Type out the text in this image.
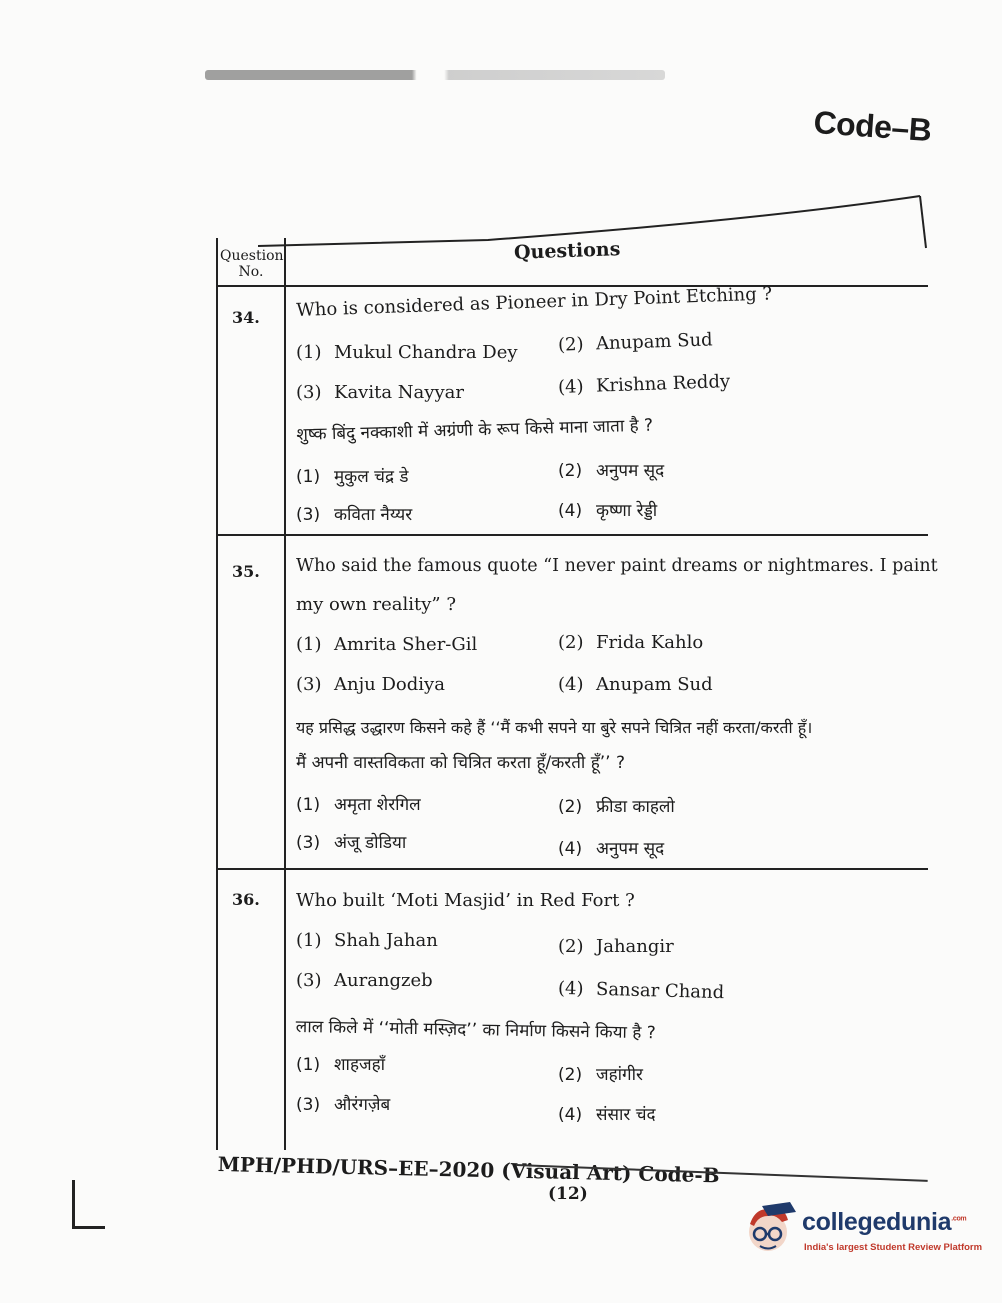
Code–B
Question
No.
Questions
34. Who is considered as Pioneer in Dry Point Etching ?
(1) Mukul Chandra Dey (2) Anupam Sud
(3) Kavita Nayyar	(4) Krishna Reddy
शुष्क बिंदु नक्काशी में अग्रंणी के रूप किसे माना जाता है ?
(1) मुकुल चंद्र डे	(2) अनुपम सूद
(3) कविता नैय्यर	(4) कृष्णा रेड्डी
35. Who said the famous quote “I never paint dreams or nightmares. I paint
my own reality” ?
(1) Amrita Sher-Gil	(2) Frida Kahlo
(3) Anju Dodiya	(4) Anupam Sud
यह प्रसिद्ध उद्धारण किसने कहे हैं ‘‘मैं कभी सपने या बुरे सपने चित्रित नहीं करता/करती हूँ।
मैं अपनी वास्तविकता को चित्रित करता हूँ/करती हूँ’’ ?
(1) अमृता शेरगिल	(2) फ्रीडा काहलो
(3) अंजू डोडिया	(4) अनुपम सूद
36. Who built ‘Moti Masjid’ in Red Fort ?
(1) Shah Jahan	(2) Jahangir
(3) Aurangzeb	(4) Sansar Chand
लाल किले में ‘‘मोती मस्ज़िद’’ का निर्माण किसने किया है ?
(1) शाहजहाँ	(2) जहांगीर
(3) औरंगज़ेब	(4) संसार चंद
MPH/PHD/URS–EE–2020 (Visual Art) Code-B
(12)
collegedunia$^{.com}$
India's largest Student Review Platform
